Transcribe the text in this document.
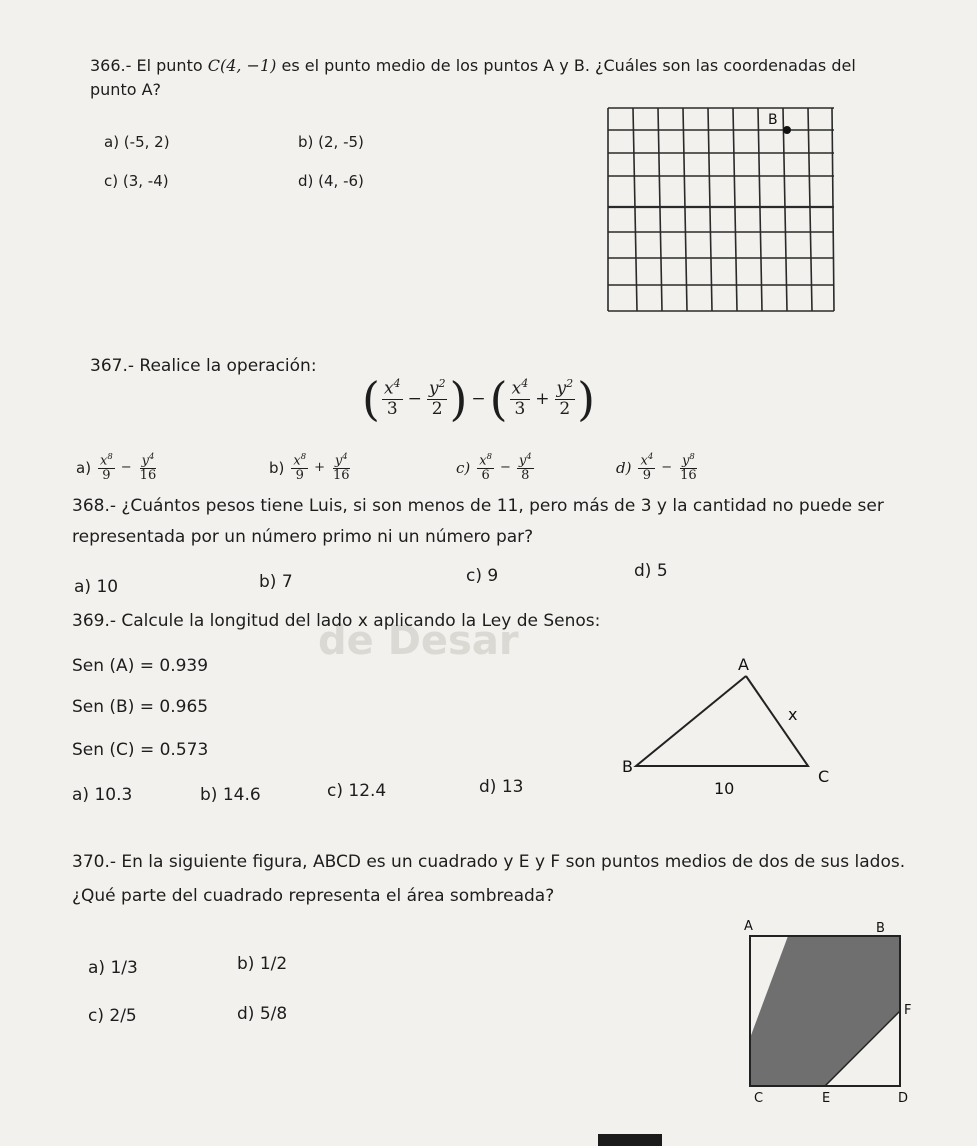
de Desar
366.- El punto C(4, −1) es el punto medio de los puntos A y B. ¿Cuáles son las coordenadas del
punto A?
a) (-5, 2)	b) (2, -5)
c) (3, -4)	d) (4, -6)
B
367.- Realice la operación:
( $\frac{x^4}{3} - \frac{y^2}{2}$ ) − ( $\frac{x^4}{3} + \frac{y^2}{2}$ )
$a) \frac{x^8}{9} - \frac{y^4}{16}$	$b) \frac{x^8}{9} + \frac{y^4}{16}$	$c) \frac{x^8}{6} - \frac{y^4}{8}$	$d) \frac{x^4}{9} - \frac{y^8}{16}$
368.- ¿Cuántos pesos tiene Luis, si son menos de 11, pero más de 3 y la cantidad no puede ser
representada por un número primo ni un número par?
a) 10	b) 7	c) 9	d) 5
369.- Calcule la longitud del lado x aplicando la Ley de Senos:
Sen (A) = 0.939
Sen (B) = 0.965
Sen (C) = 0.573
a) 10.3	b) 14.6	c) 12.4	d) 13
A
B
C
x
10
370.- En la siguiente figura, ABCD es un cuadrado y E y F son puntos medios de dos de sus lados.
¿Qué parte del cuadrado representa el área sombreada?
a) 1/3	b) 1/2
c) 2/5	d) 5/8
A	B
F
C	E	D
